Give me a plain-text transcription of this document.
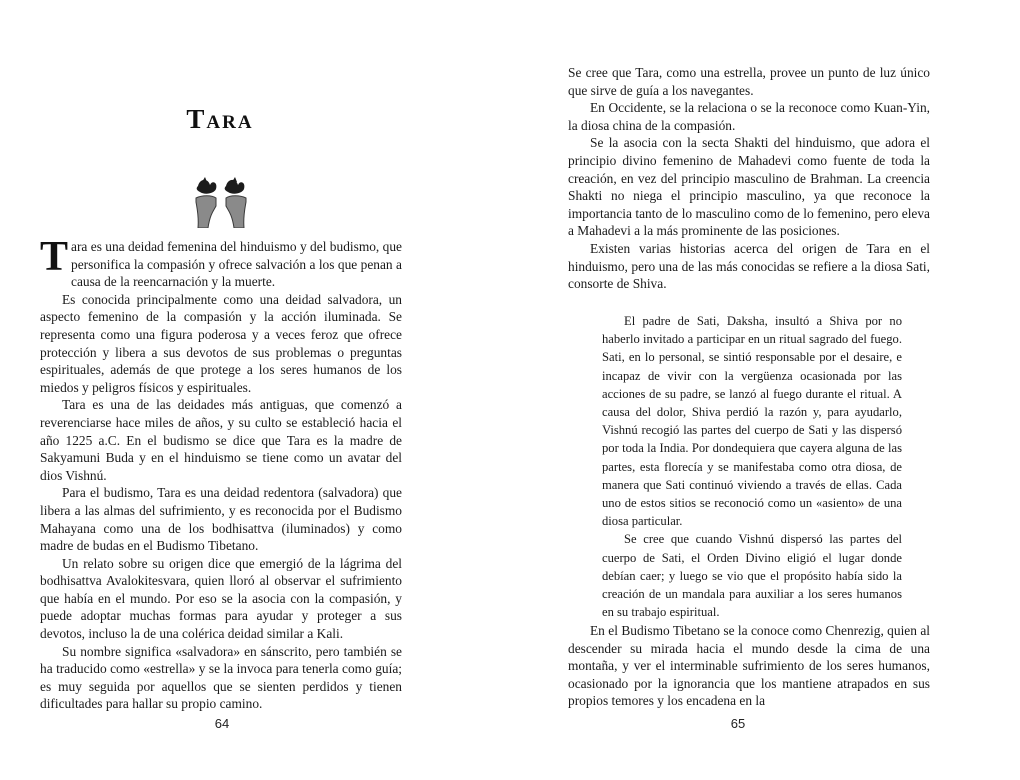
Tara

Tara es una deidad femenina del hinduismo y del budismo, que personifica la compasión y ofrece salvación a los que penan a causa de la reencarnación y la muerte.

Es conocida principalmente como una deidad salvadora, un aspecto femenino de la compasión y la acción iluminada. Se representa como una figura poderosa y a veces feroz que ofrece protección y libera a sus devotos de sus problemas o preguntas espirituales, además de que protege a los seres humanos de los miedos y peligros físicos y espirituales.

Tara es una de las deidades más antiguas, que comenzó a reverenciarse hace miles de años, y su culto se estableció hacia el año 1225 a.C. En el budismo se dice que Tara es la madre de Sakyamuni Buda y en el hinduismo se tiene como un avatar del dios Vishnú.

Para el budismo, Tara es una deidad redentora (salvadora) que libera a las almas del sufrimiento, y es reconocida por el Budismo Mahayana como una de los bodhisattva (iluminados) y como madre de budas en el Budismo Tibetano.

Un relato sobre su origen dice que emergió de la lágrima del bodhisattva Avalokitesvara, quien lloró al observar el sufrimiento que había en el mundo. Por eso se la asocia con la compasión, y puede adoptar muchas formas para ayudar y proteger a sus devotos, incluso la de una colérica deidad similar a Kali.

Su nombre significa «salvadora» en sánscrito, pero también se ha traducido como «estrella» y se la invoca para tenerla como guía; es muy seguida por aquellos que se sienten perdidos y tienen dificultades para hallar su propio camino.

64

Se cree que Tara, como una estrella, provee un punto de luz único que sirve de guía a los navegantes.

En Occidente, se la relaciona o se la reconoce como Kuan-Yin, la diosa china de la compasión.

Se la asocia con la secta Shakti del hinduismo, que adora el principio divino femenino de Mahadevi como fuente de toda la creación, en vez del principio masculino de Brahman. La creencia Shakti no niega el principio masculino, ya que reconoce la importancia tanto de lo masculino como de lo femenino, pero eleva a Mahadevi a la más prominente de las posiciones.

Existen varias historias acerca del origen de Tara en el hinduismo, pero una de las más conocidas se refiere a la diosa Sati, consorte de Shiva.

El padre de Sati, Daksha, insultó a Shiva por no haberlo invitado a participar en un ritual sagrado del fuego. Sati, en lo personal, se sintió responsable por el desaire, e incapaz de vivir con la vergüenza ocasionada por las acciones de su padre, se lanzó al fuego durante el ritual. A causa del dolor, Shiva perdió la razón y, para ayudarlo, Vishnú recogió las partes del cuerpo de Sati y las dispersó por toda la India. Por dondequiera que cayera alguna de las partes, esta florecía y se manifestaba como otra diosa, de manera que Sati continuó viviendo a través de ellas. Cada uno de estos sitios se reconoció como un «asiento» de una diosa particular.

Se cree que cuando Vishnú dispersó las partes del cuerpo de Sati, el Orden Divino eligió el lugar donde debían caer; y luego se vio que el propósito había sido la creación de un mandala para auxiliar a los seres humanos en su trabajo espiritual.

En el Budismo Tibetano se la conoce como Chenrezig, quien al descender su mirada hacia el mundo desde la cima de una montaña, y ver el interminable sufrimiento de los seres humanos, ocasionado por la ignorancia que los mantiene atrapados en sus propios temores y los encadena en la

65
